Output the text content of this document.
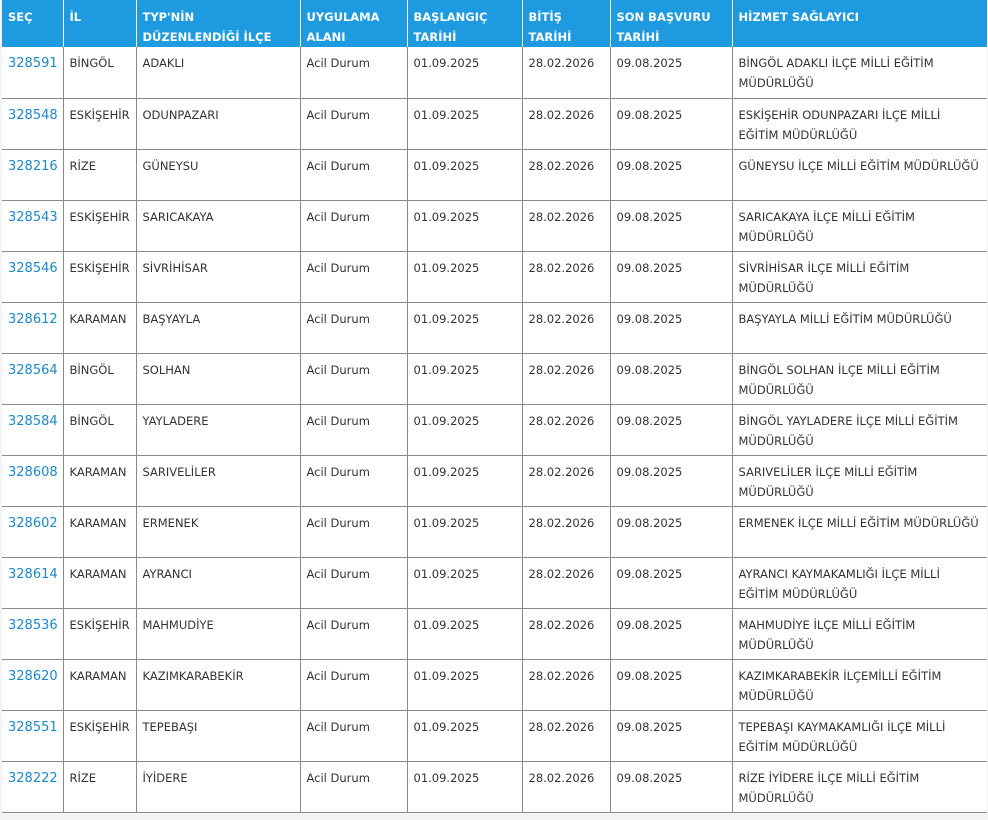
SEÇ	İL	TYP'NİN DÜZENLENDİĞİ İLÇE	UYGULAMA ALANI	BAŞLANGIÇ TARİHİ	BİTİŞ TARİHİ	SON BAŞVURU TARİHİ	HİZMET SAĞLAYICI

328591	BİNGÖL	ADAKLI	Acil Durum	01.09.2025	28.02.2026	09.08.2025	BİNGÖL ADAKLI İLÇE MİLLİ EĞİTİM MÜDÜRLÜĞÜ
328548	ESKİŞEHİR	ODUNPAZARI	Acil Durum	01.09.2025	28.02.2026	09.08.2025	ESKİŞEHİR ODUNPAZARI İLÇE MİLLİ EĞİTİM MÜDÜRLÜĞÜ
328216	RİZE	GÜNEYSU	Acil Durum	01.09.2025	28.02.2026	09.08.2025	GÜNEYSU İLÇE MİLLİ EĞİTİM MÜDÜRLÜĞÜ
328543	ESKİŞEHİR	SARICAKAYA	Acil Durum	01.09.2025	28.02.2026	09.08.2025	SARICAKAYA İLÇE MİLLİ EĞİTİM MÜDÜRLÜĞÜ
328546	ESKİŞEHİR	SİVRİHİSAR	Acil Durum	01.09.2025	28.02.2026	09.08.2025	SİVRİHİSAR İLÇE MİLLİ EĞİTİM MÜDÜRLÜĞÜ
328612	KARAMAN	BAŞYAYLA	Acil Durum	01.09.2025	28.02.2026	09.08.2025	BAŞYAYLA MİLLİ EĞİTİM MÜDÜRLÜĞÜ
328564	BİNGÖL	SOLHAN	Acil Durum	01.09.2025	28.02.2026	09.08.2025	BİNGÖL SOLHAN İLÇE MİLLİ EĞİTİM MÜDÜRLÜĞÜ
328584	BİNGÖL	YAYLADERE	Acil Durum	01.09.2025	28.02.2026	09.08.2025	BİNGÖL YAYLADERE İLÇE MİLLİ EĞİTİM MÜDÜRLÜĞÜ
328608	KARAMAN	SARIVELİLER	Acil Durum	01.09.2025	28.02.2026	09.08.2025	SARIVELİLER İLÇE MİLLİ EĞİTİM MÜDÜRLÜĞÜ
328602	KARAMAN	ERMENEK	Acil Durum	01.09.2025	28.02.2026	09.08.2025	ERMENEK İLÇE MİLLİ EĞİTİM MÜDÜRLÜĞÜ
328614	KARAMAN	AYRANCI	Acil Durum	01.09.2025	28.02.2026	09.08.2025	AYRANCI KAYMAKAMLIĞI İLÇE MİLLİ EĞİTİM MÜDÜRLÜĞÜ
328536	ESKİŞEHİR	MAHMUDİYE	Acil Durum	01.09.2025	28.02.2026	09.08.2025	MAHMUDİYE İLÇE MİLLİ EĞİTİM MÜDÜRLÜĞÜ
328620	KARAMAN	KAZIMKARABEKİR	Acil Durum	01.09.2025	28.02.2026	09.08.2025	KAZIMKARABEKİR İLÇEMİLLİ EĞİTİM MÜDÜRLÜĞÜ
328551	ESKİŞEHİR	TEPEBAŞI	Acil Durum	01.09.2025	28.02.2026	09.08.2025	TEPEBAŞI KAYMAKAMLIĞI İLÇE MİLLİ EĞİTİM MÜDÜRLÜĞÜ
328222	RİZE	İYİDERE	Acil Durum	01.09.2025	28.02.2026	09.08.2025	RİZE İYİDERE İLÇE MİLLİ EĞİTİM MÜDÜRLÜĞÜ
